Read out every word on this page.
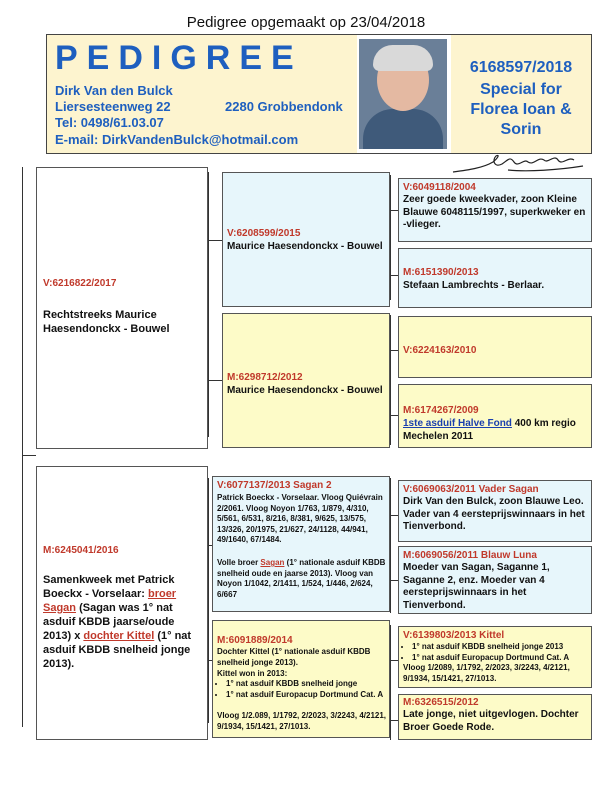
Pedigree opgemaakt op 23/04/2018
PEDIGREE
Dirk Van den Bulck
Liersesteenweg 22	2280 Grobbendonk
Tel: 0498/61.03.07
E-mail: DirkVandenBulck@hotmail.com
6168597/2018
Special for
Florea Ioan &
Sorin
V:6216822/2017
Rechtstreeks Maurice Haesendonckx - Bouwel
V:6208599/2015
Maurice Haesendonckx - Bouwel
M:6298712/2012
Maurice Haesendonckx - Bouwel
V:6049118/2004
Zeer goede kweekvader, zoon Kleine Blauwe 6048115/1997, superkweker en -vlieger.
M:6151390/2013
Stefaan Lambrechts - Berlaar.
V:6224163/2010
M:6174267/2009
1ste asduif Halve Fond 400 km regio Mechelen 2011
M:6245041/2016
Samenkweek met Patrick Boeckx - Vorselaar: broer Sagan (Sagan was 1° nat asduif KBDB jaarse/oude 2013) x dochter Kittel (1° nat asduif KBDB snelheid jonge 2013).
V:6077137/2013 Sagan 2
Patrick Boeckx - Vorselaar. Vloog Quiévrain 2/2061. Vloog Noyon 1/763, 1/879, 4/310, 5/561, 6/531, 8/216, 8/381, 9/625, 13/575, 13/326, 20/1975, 21/627, 24/1128, 44/941, 49/1640, 67/1484.
Volle broer Sagan (1° nationale asduif KBDB snelheid oude en jaarse 2013). Vloog van Noyon 1/1042, 2/1411, 1/524, 1/446, 2/624, 6/667
M:6091889/2014
Dochter Kittel (1° nationale asduif KBDB snelheid jonge 2013).
Kittel won in 2013:
• 1° nat asduif KBDB snelheid jonge
• 1° nat asduif Europacup Dortmund Cat. A
Vloog 1/2.089, 1/1792, 2/2023, 3/2243, 4/2121, 9/1934, 15/1421, 27/1013.
V:6069063/2011 Vader Sagan
Dirk Van den Bulck, zoon Blauwe Leo. Vader van 4 eersteprijswinnaars in het Tienverbond.
M:6069056/2011 Blauw Luna
Moeder van Sagan, Saganne 1, Saganne 2, enz. Moeder van 4 eersteprijswinnaars in het Tienverbond.
V:6139803/2013 Kittel
• 1° nat asduif KBDB snelheid jonge 2013
• 1° nat asduif Europacup Dortmund Cat. A
Vloog 1/2089, 1/1792, 2/2023, 3/2243, 4/2121, 9/1934, 15/1421, 27/1013.
M:6326515/2012
Late jonge, niet uitgevlogen. Dochter Broer Goede Rode.
